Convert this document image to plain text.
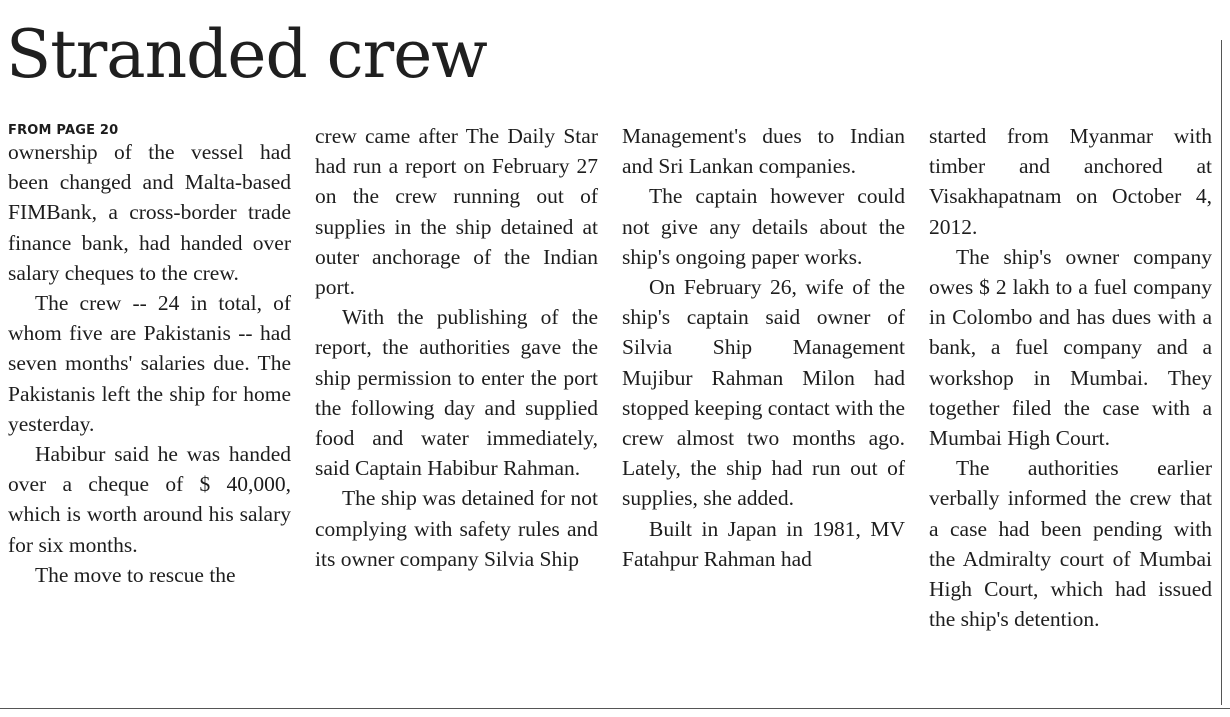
Stranded crew
FROM PAGE 20

ownership of the vessel had been changed and Malta-based FIMBank, a cross-border trade finance bank, had handed over salary cheques to the crew.

The crew -- 24 in total, of whom five are Pakistanis -- had seven months' salaries due. The Pakistanis left the ship for home yesterday.

Habibur said he was handed over a cheque of $ 40,000, which is worth around his salary for six months.

The move to rescue the

crew came after The Daily Star had run a report on February 27 on the crew running out of supplies in the ship detained at outer anchorage of the Indian port.

With the publishing of the report, the authorities gave the ship permission to enter the port the following day and supplied food and water immediately, said Captain Habibur Rahman.

The ship was detained for not complying with safety rules and its owner company Silvia Ship

Management's dues to Indian and Sri Lankan companies.

The captain however could not give any details about the ship's ongoing paper works.

On February 26, wife of the ship's captain said owner of Silvia Ship Management Mujibur Rahman Milon had stopped keeping contact with the crew almost two months ago. Lately, the ship had run out of supplies, she added.

Built in Japan in 1981, MV Fatahpur Rahman had

started from Myanmar with timber and anchored at Visakhapatnam on October 4, 2012.

The ship's owner company owes $ 2 lakh to a fuel company in Colombo and has dues with a bank, a fuel company and a workshop in Mumbai. They together filed the case with a Mumbai High Court.

The authorities earlier verbally informed the crew that a case had been pending with the Admiralty court of Mumbai High Court, which had issued the ship's detention.
